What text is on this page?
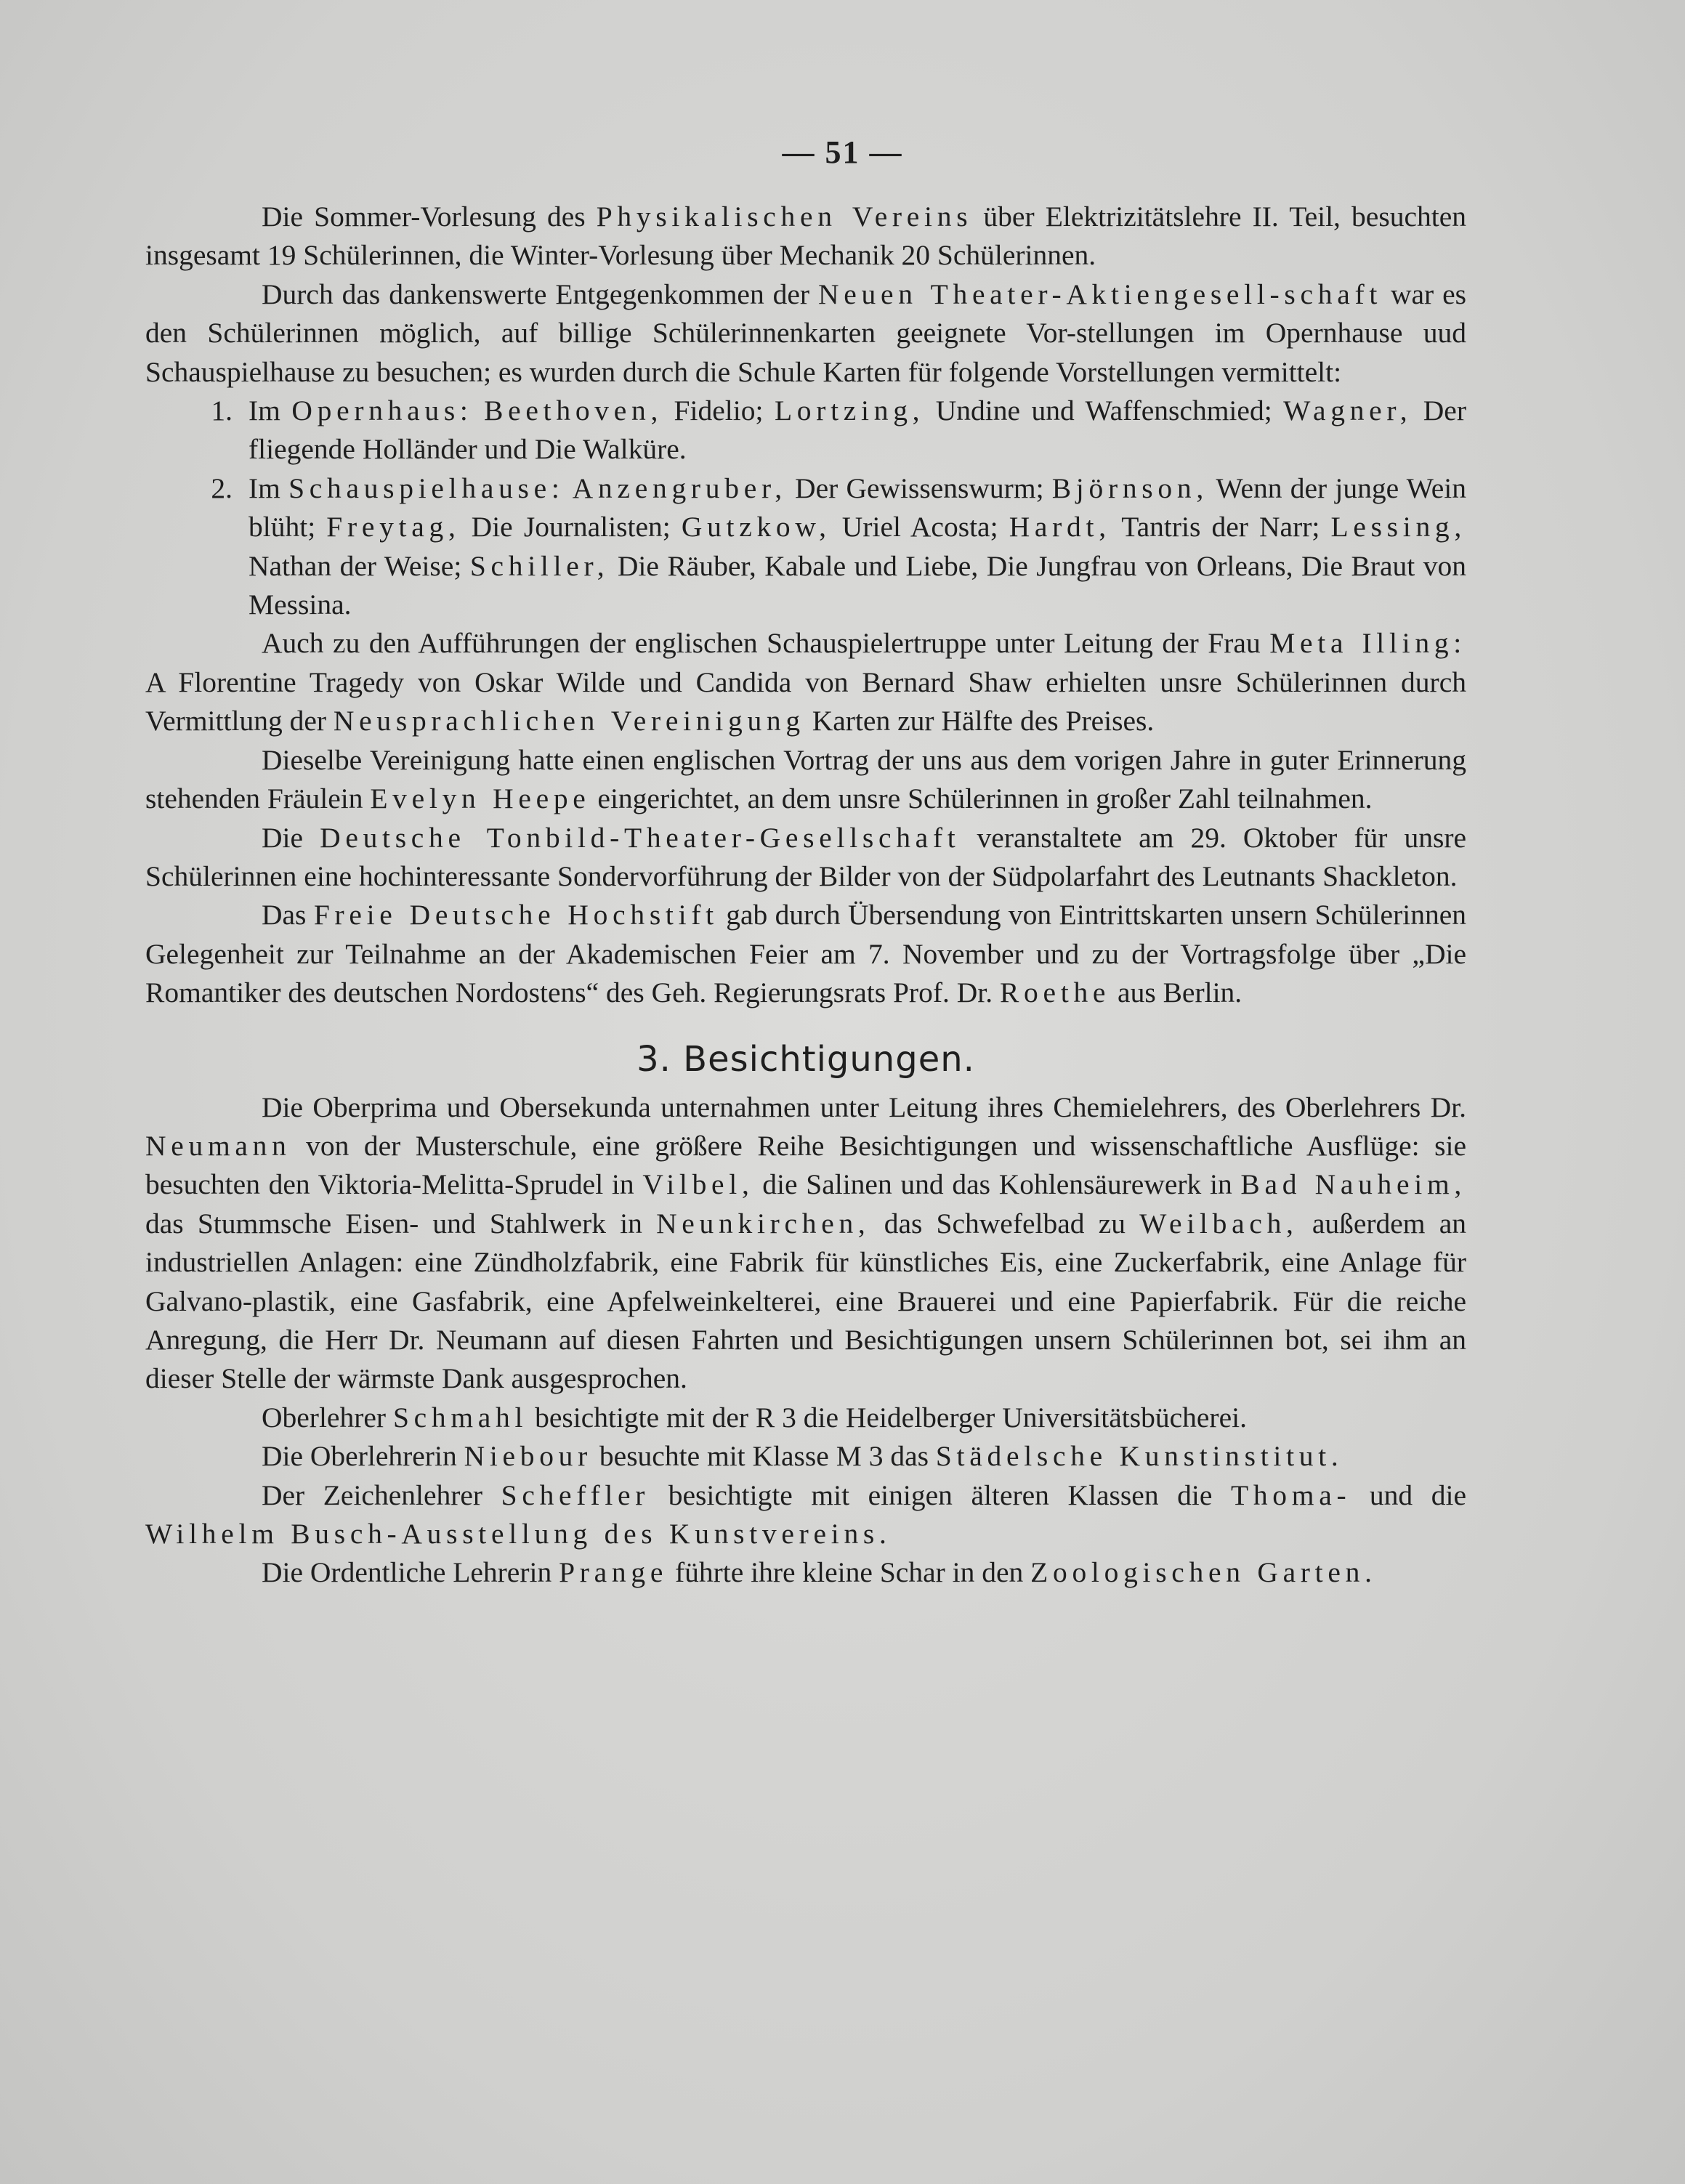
— 51 —

Die Sommer-Vorlesung des Physikalischen Vereins über Elektrizitätslehre II. Teil, besuchten insgesamt 19 Schülerinnen, die Winter-Vorlesung über Mechanik 20 Schülerinnen.

Durch das dankenswerte Entgegenkommen der Neuen Theater-Aktiengesell-schaft war es den Schülerinnen möglich, auf billige Schülerinnenkarten geeignete Vor-stellungen im Opernhause uud Schauspielhause zu besuchen; es wurden durch die Schule Karten für folgende Vorstellungen vermittelt:

1. Im Opernhaus: Beethoven, Fidelio; Lortzing, Undine und Waffenschmied; Wagner, Der fliegende Holländer und Die Walküre.
2. Im Schauspielhause: Anzengruber, Der Gewissenswurm; Björnson, Wenn der junge Wein blüht; Freytag, Die Journalisten; Gutzkow, Uriel Acosta; Hardt, Tantris der Narr; Lessing, Nathan der Weise; Schiller, Die Räuber, Kabale und Liebe, Die Jungfrau von Orleans, Die Braut von Messina.

Auch zu den Aufführungen der englischen Schauspielertruppe unter Leitung der Frau Meta Illing: A Florentine Tragedy von Oskar Wilde und Candida von Bernard Shaw erhielten unsre Schülerinnen durch Vermittlung der Neusprachlichen Vereinigung Karten zur Hälfte des Preises.

Dieselbe Vereinigung hatte einen englischen Vortrag der uns aus dem vorigen Jahre in guter Erinnerung stehenden Fräulein Evelyn Heepe eingerichtet, an dem unsre Schülerinnen in großer Zahl teilnahmen.

Die Deutsche Tonbild-Theater-Gesellschaft veranstaltete am 29. Oktober für unsre Schülerinnen eine hochinteressante Sondervorführung der Bilder von der Südpolarfahrt des Leutnants Shackleton.

Das Freie Deutsche Hochstift gab durch Übersendung von Eintrittskarten unsern Schülerinnen Gelegenheit zur Teilnahme an der Akademischen Feier am 7. November und zu der Vortragsfolge über „Die Romantiker des deutschen Nordostens“ des Geh. Regierungsrats Prof. Dr. Roethe aus Berlin.

3. Besichtigungen.

Die Oberprima und Obersekunda unternahmen unter Leitung ihres Chemielehrers, des Oberlehrers Dr. Neumann von der Musterschule, eine größere Reihe Besichtigungen und wissenschaftliche Ausflüge: sie besuchten den Viktoria-Melitta-Sprudel in Vilbel, die Salinen und das Kohlensäurewerk in Bad Nauheim, das Stummsche Eisen- und Stahlwerk in Neunkirchen, das Schwefelbad zu Weilbach, außerdem an industriellen Anlagen: eine Zündholzfabrik, eine Fabrik für künstliches Eis, eine Zuckerfabrik, eine Anlage für Galvano-plastik, eine Gasfabrik, eine Apfelweinkelterei, eine Brauerei und eine Papierfabrik. Für die reiche Anregung, die Herr Dr. Neumann auf diesen Fahrten und Besichtigungen unsern Schülerinnen bot, sei ihm an dieser Stelle der wärmste Dank ausgesprochen.

Oberlehrer Schmahl besichtigte mit der R 3 die Heidelberger Universitätsbücherei.

Die Oberlehrerin Niebour besuchte mit Klasse M 3 das Städelsche Kunstinstitut.

Der Zeichenlehrer Scheffler besichtigte mit einigen älteren Klassen die Thoma- und die Wilhelm Busch-Ausstellung des Kunstvereins.

Die Ordentliche Lehrerin Prange führte ihre kleine Schar in den Zoologischen Garten.
